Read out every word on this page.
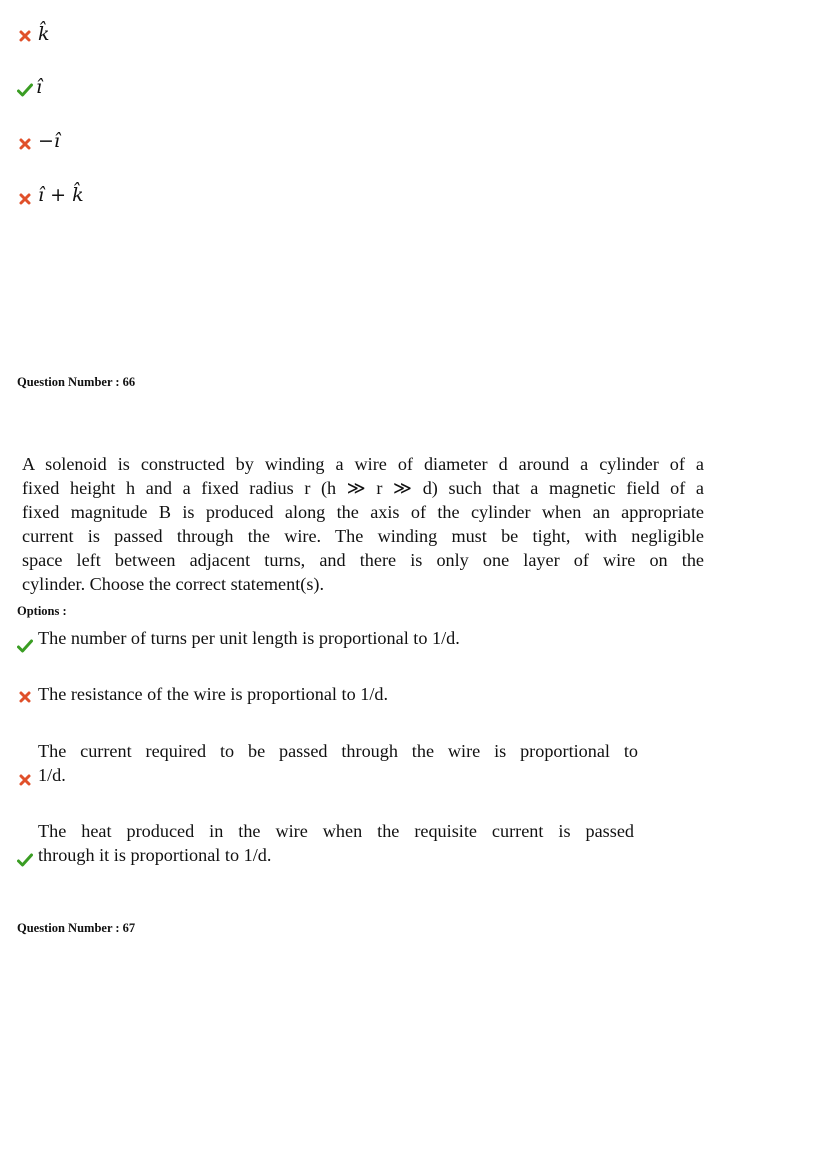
k̂
î
−î
î + k̂
Question Number : 66
A solenoid is constructed by winding a wire of diameter d around a cylinder of a
fixed height h and a fixed radius r (h ≫ r ≫ d) such that a magnetic field of a
fixed magnitude B is produced along the axis of the cylinder when an appropriate
current is passed through the wire. The winding must be tight, with negligible
space left between adjacent turns, and there is only one layer of wire on the
cylinder. Choose the correct statement(s).
Options :
The number of turns per unit length is proportional to 1/d.
The resistance of the wire is proportional to 1/d.
The current required to be passed through the wire is proportional to
1/d.
The heat produced in the wire when the requisite current is passed
through it is proportional to 1/d.
Question Number : 67
